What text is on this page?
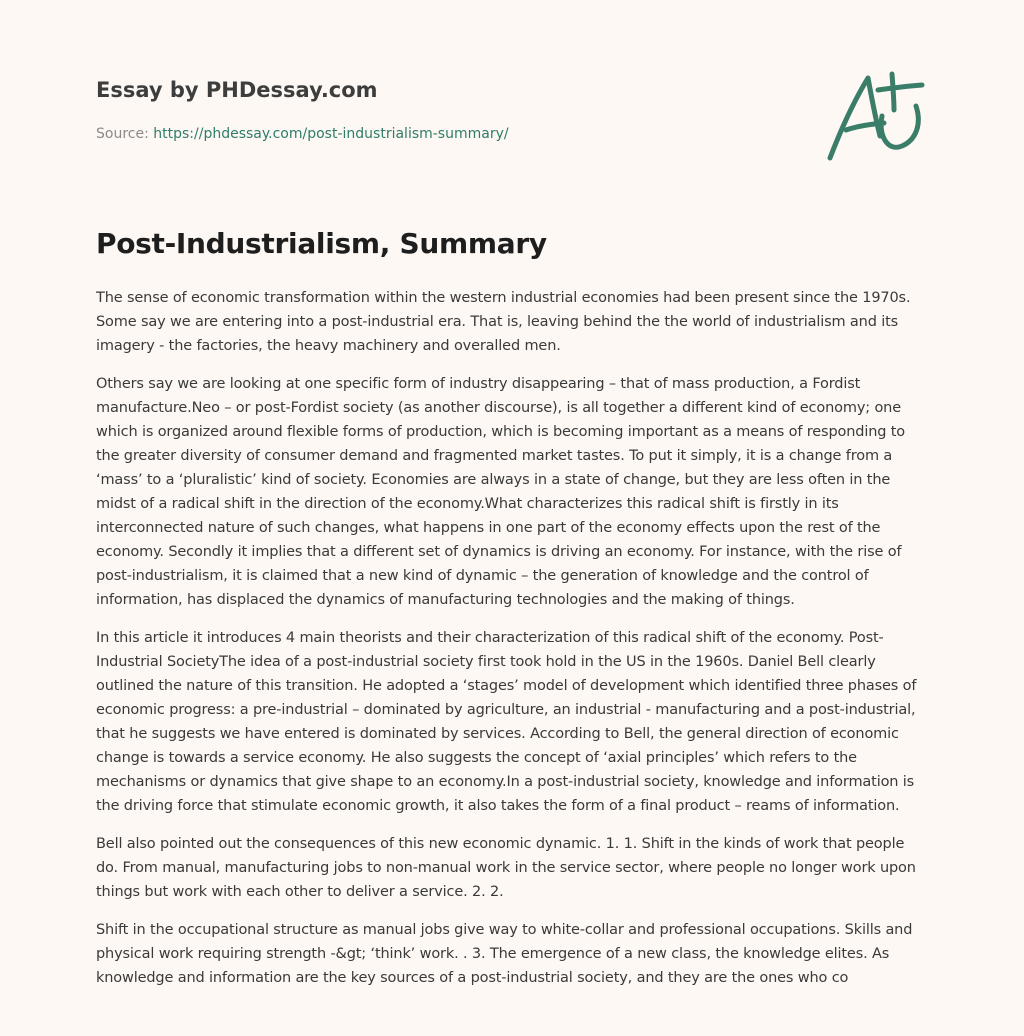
Essay by PHDessay.com
Source: https://phdessay.com/post-industrialism-summary/
Post-Industrialism, Summary

The sense of economic transformation within the western industrial economies had been present since the 1970s. Some say we are entering into a post-industrial era. That is, leaving behind the the world of industrialism and its imagery - the factories, the heavy machinery and overalled men.

Others say we are looking at one specific form of industry disappearing – that of mass production, a Fordist manufacture.Neo – or post-Fordist society (as another discourse), is all together a different kind of economy; one which is organized around flexible forms of production, which is becoming important as a means of responding to the greater diversity of consumer demand and fragmented market tastes. To put it simply, it is a change from a ‘mass’ to a ‘pluralistic’ kind of society. Economies are always in a state of change, but they are less often in the midst of a radical shift in the direction of the economy.What characterizes this radical shift is firstly in its interconnected nature of such changes, what happens in one part of the economy effects upon the rest of the economy. Secondly it implies that a different set of dynamics is driving an economy. For instance, with the rise of post-industrialism, it is claimed that a new kind of dynamic – the generation of knowledge and the control of information, has displaced the dynamics of manufacturing technologies and the making of things.

In this article it introduces 4 main theorists and their characterization of this radical shift of the economy. Post-Industrial SocietyThe idea of a post-industrial society first took hold in the US in the 1960s. Daniel Bell clearly outlined the nature of this transition. He adopted a ‘stages’ model of development which identified three phases of economic progress: a pre-industrial – dominated by agriculture, an industrial - manufacturing and a post-industrial, that he suggests we have entered is dominated by services. According to Bell, the general direction of economic change is towards a service economy. He also suggests the concept of ‘axial principles’ which refers to the mechanisms or dynamics that give shape to an economy.In a post-industrial society, knowledge and information is the driving force that stimulate economic growth, it also takes the form of a final product – reams of information.

Bell also pointed out the consequences of this new economic dynamic. 1. 1. Shift in the kinds of work that people do. From manual, manufacturing jobs to non-manual work in the service sector, where people no longer work upon things but work with each other to deliver a service. 2. 2.

Shift in the occupational structure as manual jobs give way to white-collar and professional occupations. Skills and physical work requiring strength -&gt; ‘think’ work. . 3. The emergence of a new class, the knowledge elites. As knowledge and information are the key sources of a post-industrial society, and they are the ones who co
